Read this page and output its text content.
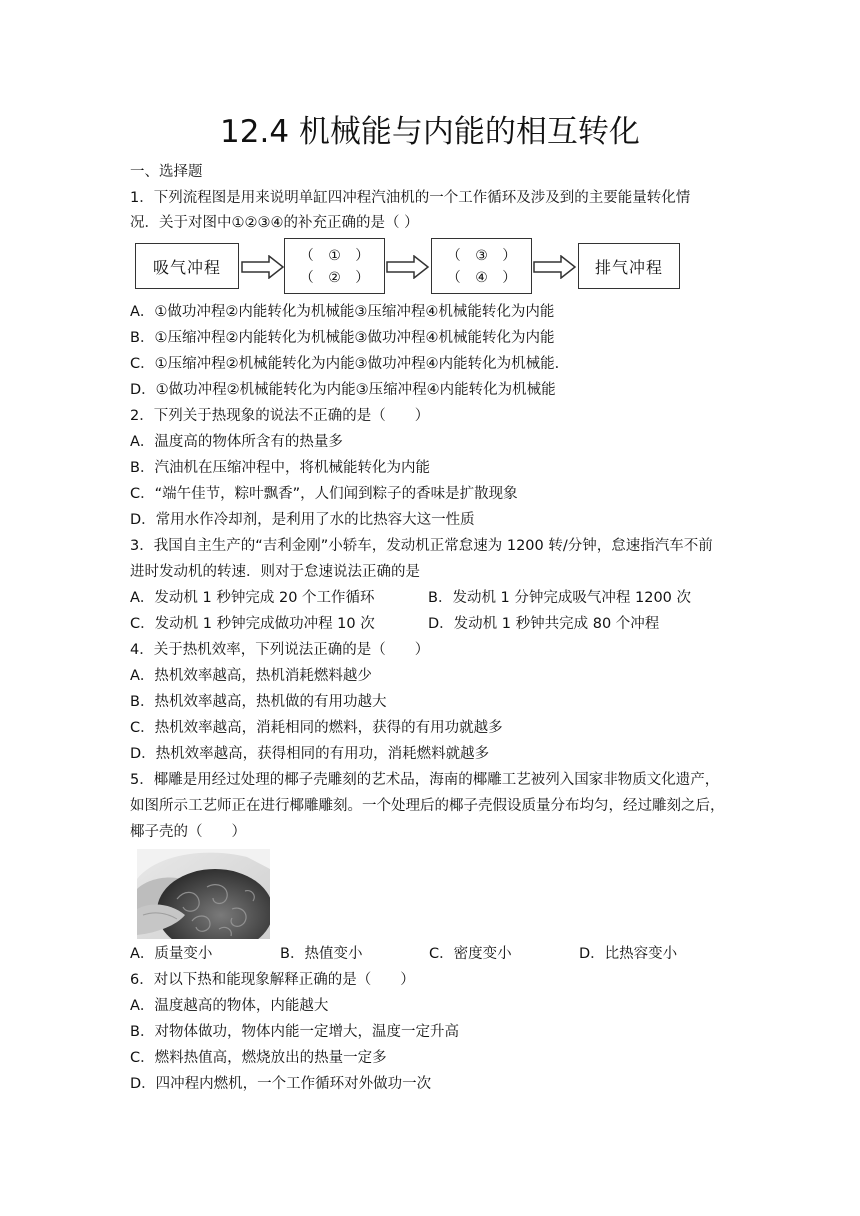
12.4 机械能与内能的相互转化
一、选择题
1．下列流程图是用来说明单缸四冲程汽油机的一个工作循环及涉及到的主要能量转化情
况．关于对图中①②③④的补充正确的是（ ）
吸气冲程
（ ① ）
（ ② ）
（ ③ ）
（ ④ ）
排气冲程
A．①做功冲程②内能转化为机械能③压缩冲程④机械能转化为内能
B．①压缩冲程②内能转化为机械能③做功冲程④机械能转化为内能
C．①压缩冲程②机械能转化为内能③做功冲程④内能转化为机械能．
D．①做功冲程②机械能转化为内能③压缩冲程④内能转化为机械能
2．下列关于热现象的说法不正确的是（　　）
A．温度高的物体所含有的热量多
B．汽油机在压缩冲程中，将机械能转化为内能
C．“端午佳节，粽叶飘香”，人们闻到粽子的香味是扩散现象
D．常用水作冷却剂，是利用了水的比热容大这一性质
3．我国自主生产的“吉利金刚”小轿车，发动机正常怠速为 1200 转/分钟，怠速指汽车不前
进时发动机的转速．则对于怠速说法正确的是
A．发动机 1 秒钟完成 20 个工作循环	B．发动机 1 分钟完成吸气冲程 1200 次
C．发动机 1 秒钟完成做功冲程 10 次	D．发动机 1 秒钟共完成 80 个冲程
4．关于热机效率，下列说法正确的是（　　）
A．热机效率越高，热机消耗燃料越少
B．热机效率越高，热机做的有用功越大
C．热机效率越高，消耗相同的燃料，获得的有用功就越多
D．热机效率越高，获得相同的有用功，消耗燃料就越多
5．椰雕是用经过处理的椰子壳雕刻的艺术品，海南的椰雕工艺被列入国家非物质文化遗产，
如图所示工艺师正在进行椰雕雕刻。一个处理后的椰子壳假设质量分布均匀，经过雕刻之后，
椰子壳的（　　）
A．质量变小	B．热值变小	C．密度变小	D．比热容变小
6．对以下热和能现象解释正确的是（　　）
A．温度越高的物体，内能越大
B．对物体做功，物体内能一定增大，温度一定升高
C．燃料热值高，燃烧放出的热量一定多
D．四冲程内燃机，一个工作循环对外做功一次
